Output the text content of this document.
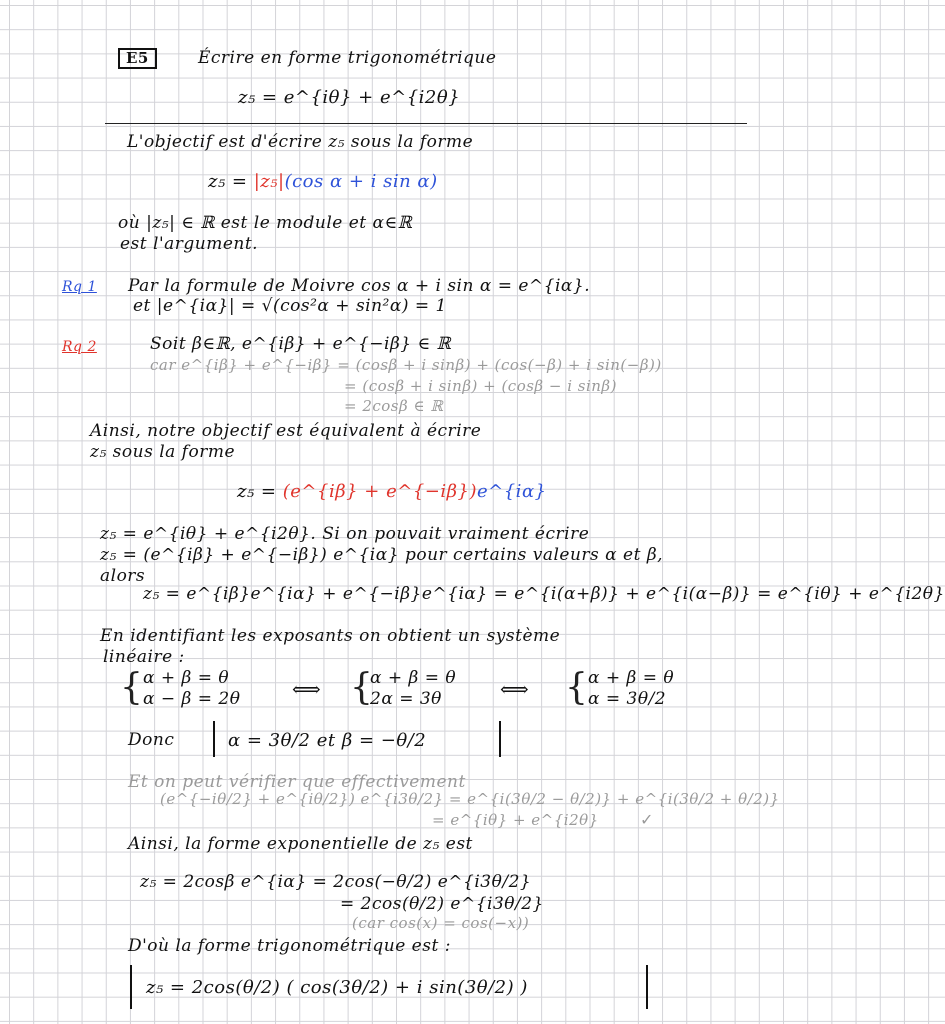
E5	Écrire en forme trigonométrique
z₅ = e^{iθ} + e^{i2θ}
L'objectif est d'écrire z₅ sous la forme
z₅ = |z₅|(cos α + i sin α)
où |z₅| ∈ ℝ est le module et α∈ℝ
est l'argument.
Rq 1 Par la formule de Moivre cos α + i sin α = e^{iα}.
et |e^{iα}| = √(cos²α + sin²α) = 1
Rq 2	Soit β∈ℝ, e^{iβ} + e^{−iβ} ∈ ℝ
car e^{iβ} + e^{−iβ} = (cosβ + i sinβ) + (cos(−β) + i sin(−β))
= (cosβ + i sinβ) + (cosβ − i sinβ)
= 2cosβ ∈ ℝ
Ainsi, notre objectif est équivalent à écrire
z₅ sous la forme
z₅ = (e^{iβ} + e^{−iβ})e^{iα}
z₅ = e^{iθ} + e^{i2θ}. Si on pouvait vraiment écrire
z₅ = (e^{iβ} + e^{−iβ}) e^{iα} pour certains valeurs α et β,
alors
z₅ = e^{iβ}e^{iα} + e^{−iβ}e^{iα} = e^{i(α+β)} + e^{i(α−β)} = e^{iθ} + e^{i2θ}
En identifiant les exposants on obtient un système
linéaire :
{ α + β = θ
α − β = 2θ	⟺ {
α + β = θ
2α = 3θ	⟺ { α + β = θ
α = 3θ/2
Donc	α = 3θ/2 et β = −θ/2
Et on peut vérifier que effectivement
(e^{−iθ/2} + e^{iθ/2}) e^{i3θ/2} = e^{i(3θ/2 − θ/2)} + e^{i(3θ/2 + θ/2)}
= e^{iθ} + e^{i2θ}	✓
Ainsi, la forme exponentielle de z₅ est
z₅ = 2cosβ e^{iα} = 2cos(−θ/2) e^{i3θ/2}
= 2cos(θ/2) e^{i3θ/2}
(car cos(x) = cos(−x))
D'où la forme trigonométrique est :
z₅ = 2cos(θ/2) ( cos(3θ/2) + i sin(3θ/2) )
